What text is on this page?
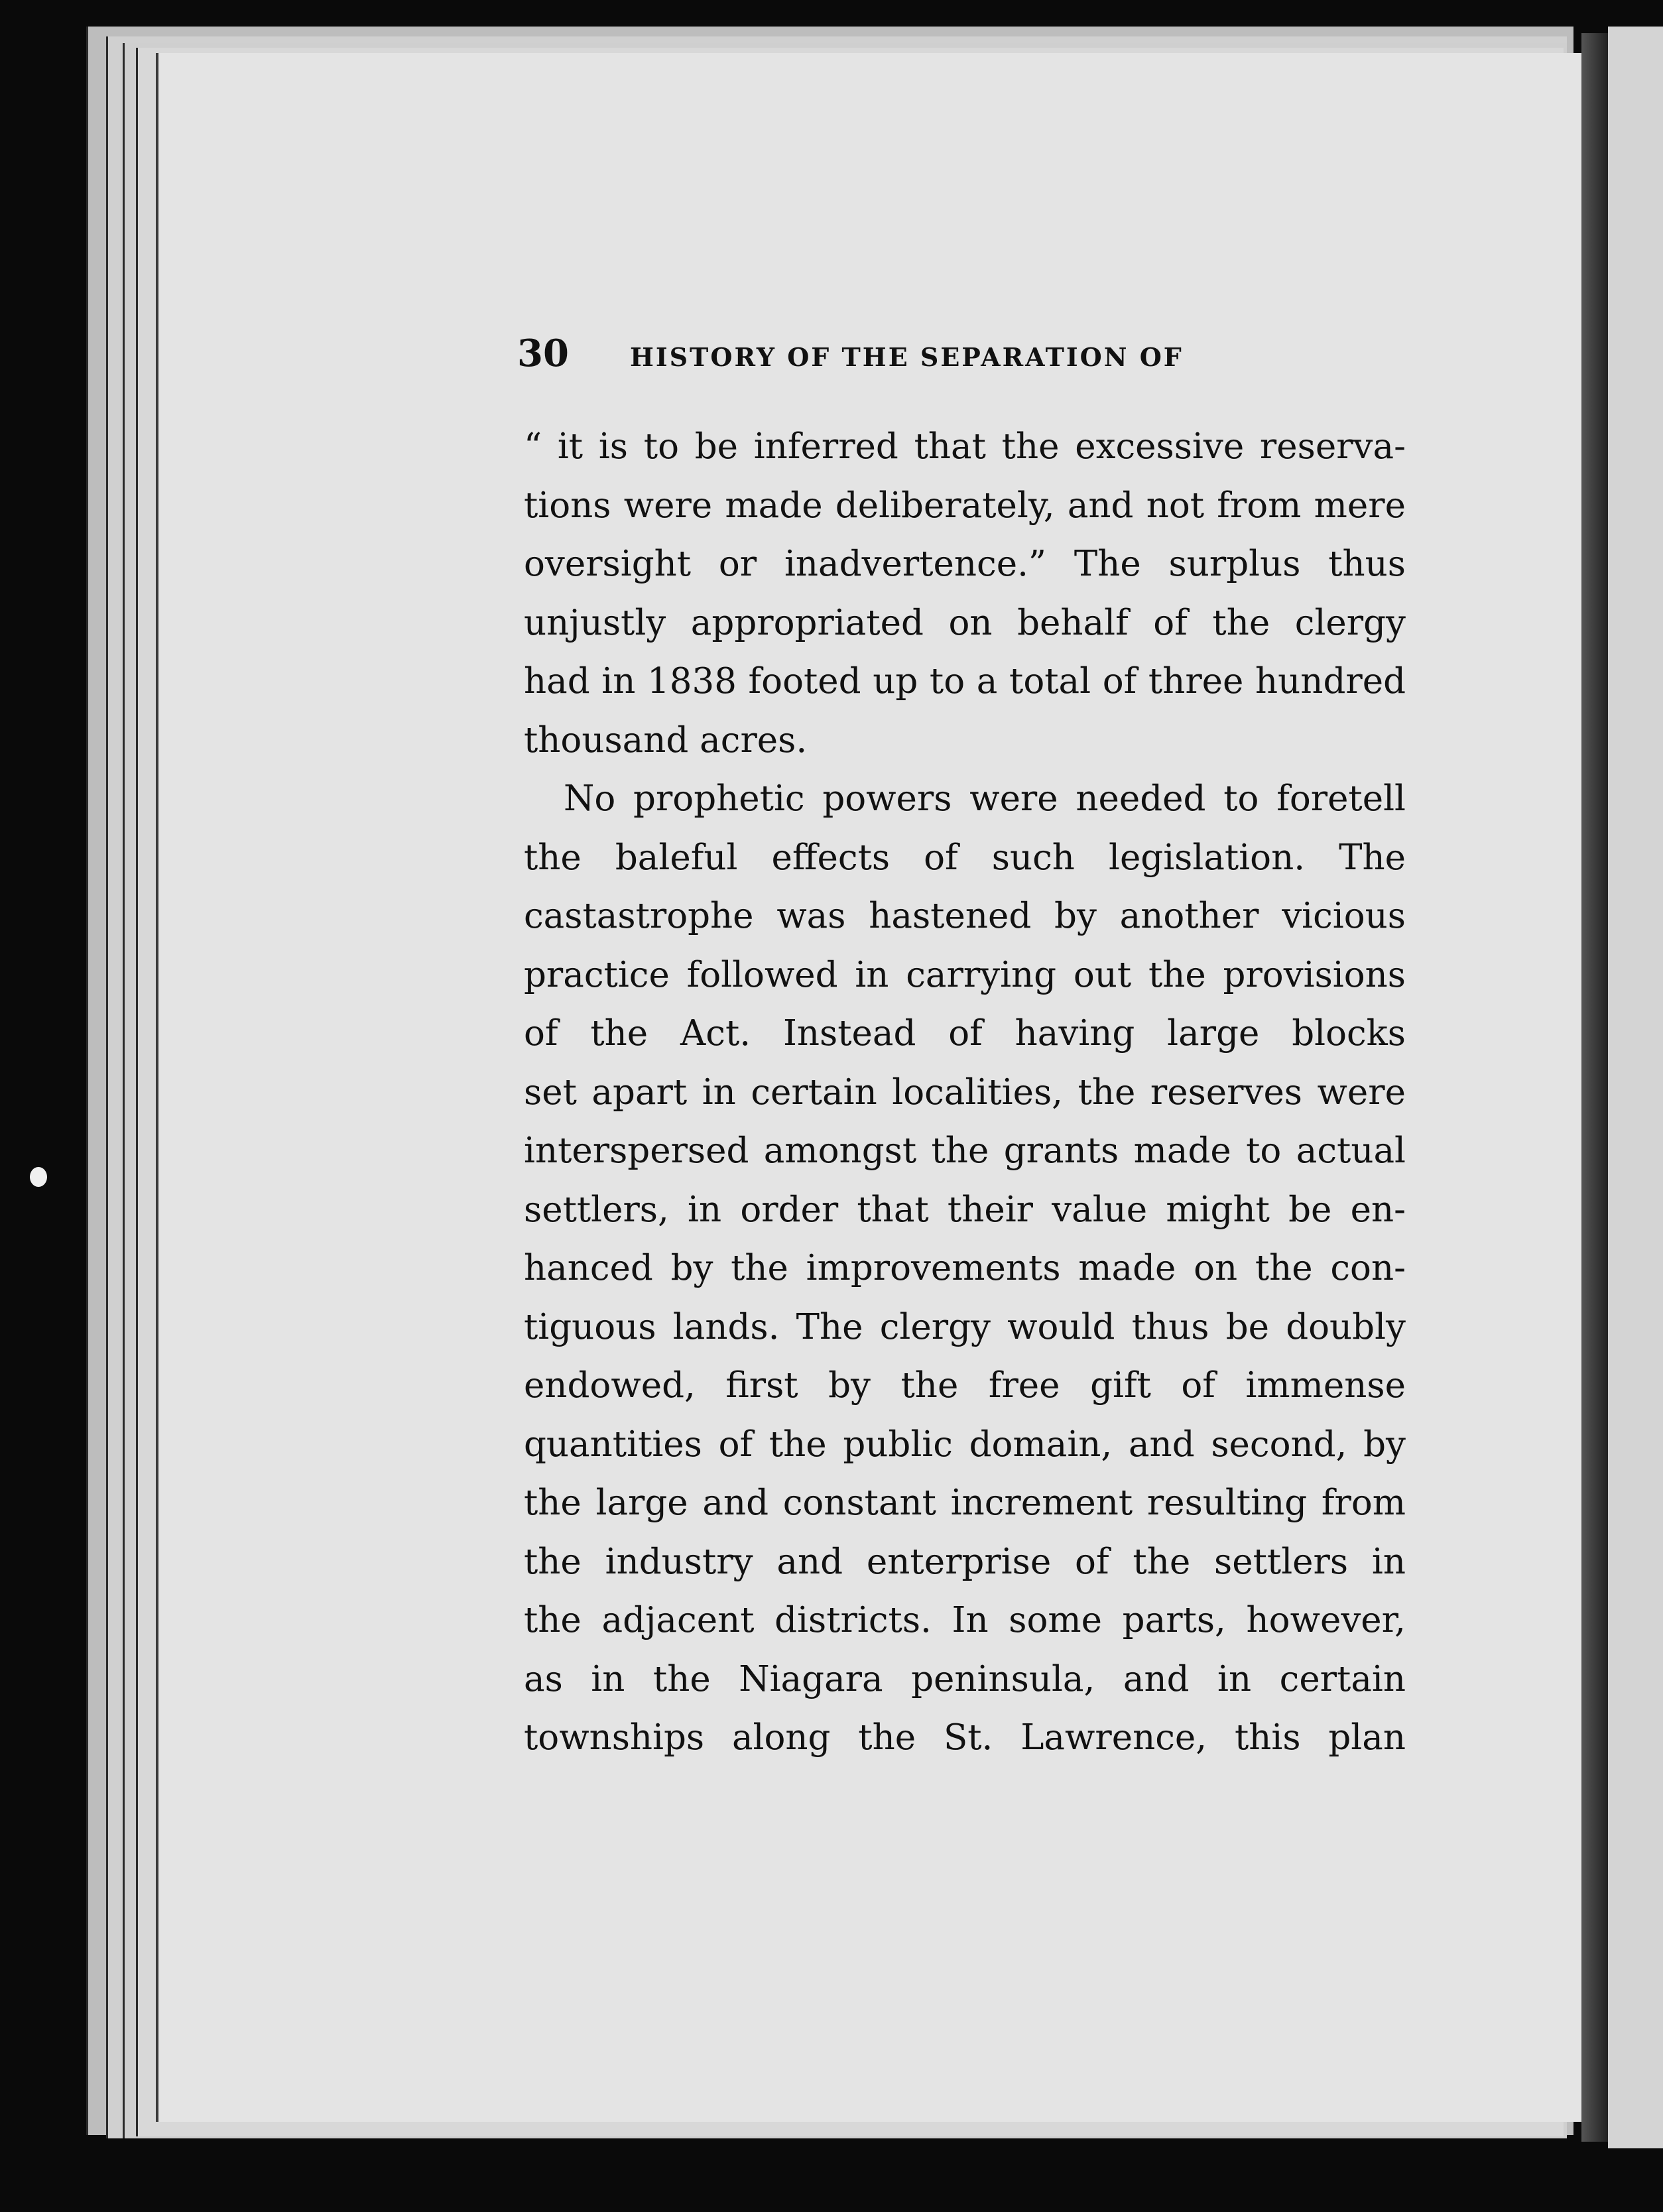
30 HISTORY OF THE SEPARATION OF
“ it is to be inferred that the excessive reserva-
tions were made deliberately, and not from mere
oversight or inadvertence.” The surplus thus
unjustly appropriated on behalf of the clergy
had in 1838 footed up to a total of three hundred
thousand acres.
No prophetic powers were needed to foretell
the baleful effects of such legislation. The
castastrophe was hastened by another vicious
practice followed in carrying out the provisions
of the Act. Instead of having large blocks
set apart in certain localities, the reserves were
interspersed amongst the grants made to actual
settlers, in order that their value might be en-
hanced by the improvements made on the con-
tiguous lands. The clergy would thus be doubly
endowed, first by the free gift of immense
quantities of the public domain, and second, by
the large and constant increment resulting from
the industry and enterprise of the settlers in
the adjacent districts. In some parts, however,
as in the Niagara peninsula, and in certain
townships along the St. Lawrence, this plan
